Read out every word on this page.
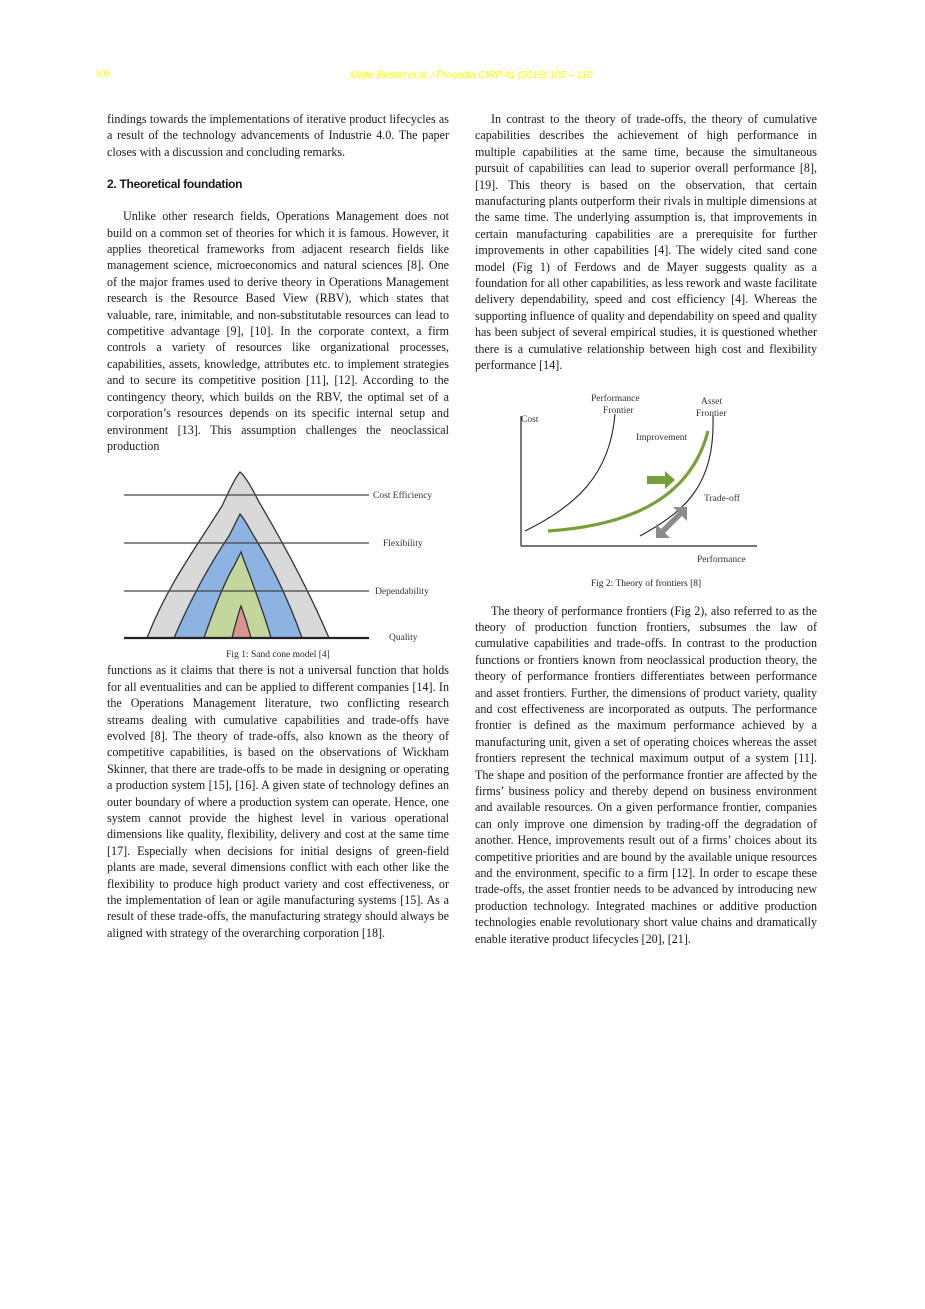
106	Malte Brettel et al. / Procedia CIRP 41 (2016) 105 – 110

findings towards the implementations of iterative product lifecycles as a result of the technology advancements of Industrie 4.0. The paper closes with a discussion and concluding remarks.

2. Theoretical foundation

Unlike other research fields, Operations Management does not build on a common set of theories for which it is famous. However, it applies theoretical frameworks from adjacent research fields like management science, microeconomics and natural sciences [8]. One of the major frames used to derive theory in Operations Management research is the Resource Based View (RBV), which states that valuable, rare, inimitable, and non-substitutable resources can lead to competitive advantage [9], [10]. In the corporate context, a firm controls a variety of resources like organizational processes, capabilities, assets, knowledge, attributes etc. to implement strategies and to secure its competitive position [11], [12]. According to the contingency theory, which builds on the RBV, the optimal set of a corporation’s resources depends on its specific internal setup and environment [13]. This assumption challenges the neoclassical production

Cost Efficiency
Flexibility
Dependability
Quality
Fig 1: Sand cone model [4]

functions as it claims that there is not a universal function that holds for all eventualities and can be applied to different companies [14]. In the Operations Management literature, two conflicting research streams dealing with cumulative capabilities and trade-offs have evolved [8]. The theory of trade-offs, also known as the theory of competitive capabilities, is based on the observations of Wickham Skinner, that there are trade-offs to be made in designing or operating a production system [15], [16]. A given state of technology defines an outer boundary of where a production system can operate. Hence, one system cannot provide the highest level in various operational dimensions like quality, flexibility, delivery and cost at the same time [17]. Especially when decisions for initial designs of green-field plants are made, several dimensions conflict with each other like the flexibility to produce high product variety and cost effectiveness, or the implementation of lean or agile manufacturing systems [15]. As a result of these trade-offs, the manufacturing strategy should always be aligned with strategy of the overarching corporation [18].

In contrast to the theory of trade-offs, the theory of cumulative capabilities describes the achievement of high performance in multiple capabilities at the same time, because the simultaneous pursuit of capabilities can lead to superior overall performance [8], [19]. This theory is based on the observation, that certain manufacturing plants outperform their rivals in multiple dimensions at the same time. The underlying assumption is, that improvements in certain manufacturing capabilities are a prerequisite for further improvements in other capabilities [4]. The widely cited sand cone model (Fig 1) of Ferdows and de Mayer suggests quality as a foundation for all other capabilities, as less rework and waste facilitate delivery dependability, speed and cost efficiency [4]. Whereas the supporting influence of quality and dependability on speed and quality has been subject of several empirical studies, it is questioned whether there is a cumulative relationship between high cost and flexibility performance [14].

Cost
Performance
Frontier
Asset
Frontier
Improvement
Trade-off
Performance
Fig 2: Theory of frontiers [8]

The theory of performance frontiers (Fig 2), also referred to as the theory of production function frontiers, subsumes the law of cumulative capabilities and trade-offs. In contrast to the production functions or frontiers known from neoclassical production theory, the theory of performance frontiers differentiates between performance and asset frontiers. Further, the dimensions of product variety, quality and cost effectiveness are incorporated as outputs. The performance frontier is defined as the maximum performance achieved by a manufacturing unit, given a set of operating choices whereas the asset frontiers represent the technical maximum output of a system [11]. The shape and position of the performance frontier are affected by the firms’ business policy and thereby depend on business environment and available resources. On a given performance frontier, companies can only improve one dimension by trading-off the degradation of another. Hence, improvements result out of a firms’ choices about its competitive priorities and are bound by the available unique resources and the environment, specific to a firm [12]. In order to escape these trade-offs, the asset frontier needs to be advanced by introducing new production technology. Integrated machines or additive production technologies enable revolutionary short value chains and dramatically enable iterative product lifecycles [20], [21].
